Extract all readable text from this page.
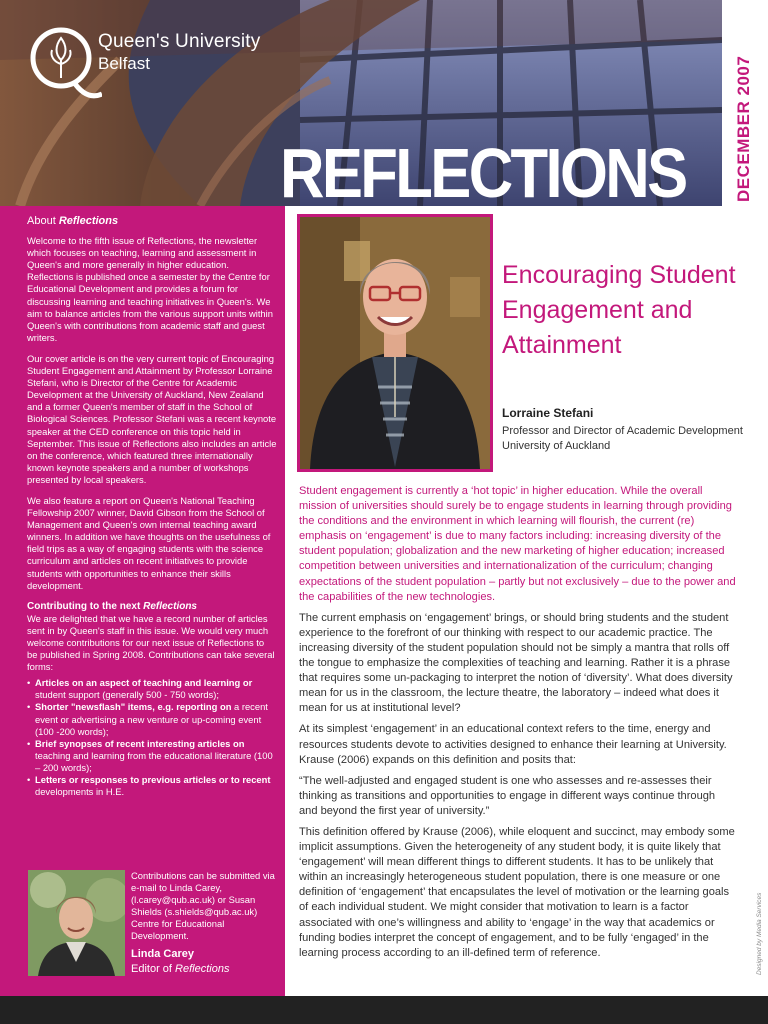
Queen's University
Belfast
REFLECTIONS	DECEMBER 2007
About Reflections

Welcome to the fifth issue of Reflections, the newsletter which focuses on teaching, learning and assessment in Queen's and more generally in higher education. Reflections is published once a semester by the Centre for Educational Development and provides a forum for discussing learning and teaching initiatives in Queen's. We aim to balance articles from the various support units within Queen's with contributions from academic staff and guest writers.

Our cover article is on the very current topic of Encouraging Student Engagement and Attainment by Professor Lorraine Stefani, who is Director of the Centre for Academic Development at the University of Auckland, New Zealand and a former Queen's member of staff in the School of Biological Sciences. Professor Stefani was a recent keynote speaker at the CED conference on this topic held in September. This issue of Reflections also includes an article on the conference, which featured three internationally known keynote speakers and a number of workshops presented by local speakers.

We also feature a report on Queen's National Teaching Fellowship 2007 winner, David Gibson from the School of Management and Queen's own internal teaching award winners. In addition we have thoughts on the usefulness of field trips as a way of engaging students with the science curriculum and articles on recent initiatives to provide students with opportunities to enhance their skills development.

Contributing to the next Reflections

We are delighted that we have a record number of articles sent in by Queen's staff in this issue. We would very much welcome contributions for our next issue of Reflections to be published in Spring 2008. Contributions can take several forms:

• Articles on an aspect of teaching and learning or student support (generally 500 - 750 words);
• Shorter "newsflash" items, e.g. reporting on a recent event or advertising a new venture or up-coming event (100 -200 words);
• Brief synopses of recent interesting articles on teaching and learning from the educational literature (100 – 200 words);
• Letters or responses to previous articles or to recent developments in H.E.
Contributions can be submitted via e-mail to Linda Carey, (l.carey@qub.ac.uk) or Susan Shields (s.shields@qub.ac.uk) Centre for Educational Development.
Linda Carey
Editor of Reflections
Encouraging Student Engagement and Attainment
Lorraine Stefani
Professor and Director of Academic Development University of Auckland

Student engagement is currently a ‘hot topic’ in higher education. While the overall mission of universities should surely be to engage students in learning through providing the conditions and the environment in which learning will flourish, the current (re) emphasis on ‘engagement’ is due to many factors including: increasing diversity of the student population; globalization and the new marketing of higher education; increased competition between universities and internationalization of the curriculum; changing expectations of the student population – partly but not exclusively – due to the power and the capabilities of the new technologies.

The current emphasis on ‘engagement’ brings, or should bring students and the student experience to the forefront of our thinking with respect to our academic practice. The increasing diversity of the student population should not be simply a mantra that rolls off the tongue to emphasize the complexities of teaching and learning. Rather it is a phrase that requires some un-packaging to interpret the notion of ‘diversity’. What does diversity mean for us in the classroom, the lecture theatre, the laboratory – indeed what does it mean for us at institutional level?

At its simplest ‘engagement’ in an educational context refers to the time, energy and resources students devote to activities designed to enhance their learning at University. Krause (2006) expands on this definition and posits that:

“The well-adjusted and engaged student is one who assesses and re-assesses their thinking as transitions and opportunities to engage in different ways continue through and beyond the first year of university.”

This definition offered by Krause (2006), while eloquent and succinct, may embody some implicit assumptions. Given the heterogeneity of any student body, it is quite likely that ‘engagement’ will mean different things to different students. It has to be unlikely that within an increasingly heterogeneous student population, there is one measure or one definition of ‘engagement’ that encapsulates the level of motivation or the learning goals of each individual student. We might consider that motivation to learn is a factor associated with one’s willingness and ability to ‘engage’ in the way that academics or funding bodies interpret the concept of engagement, and to be fully ‘engaged’ in the learning process according to an ill-defined term of reference.	Designed by Media Services
